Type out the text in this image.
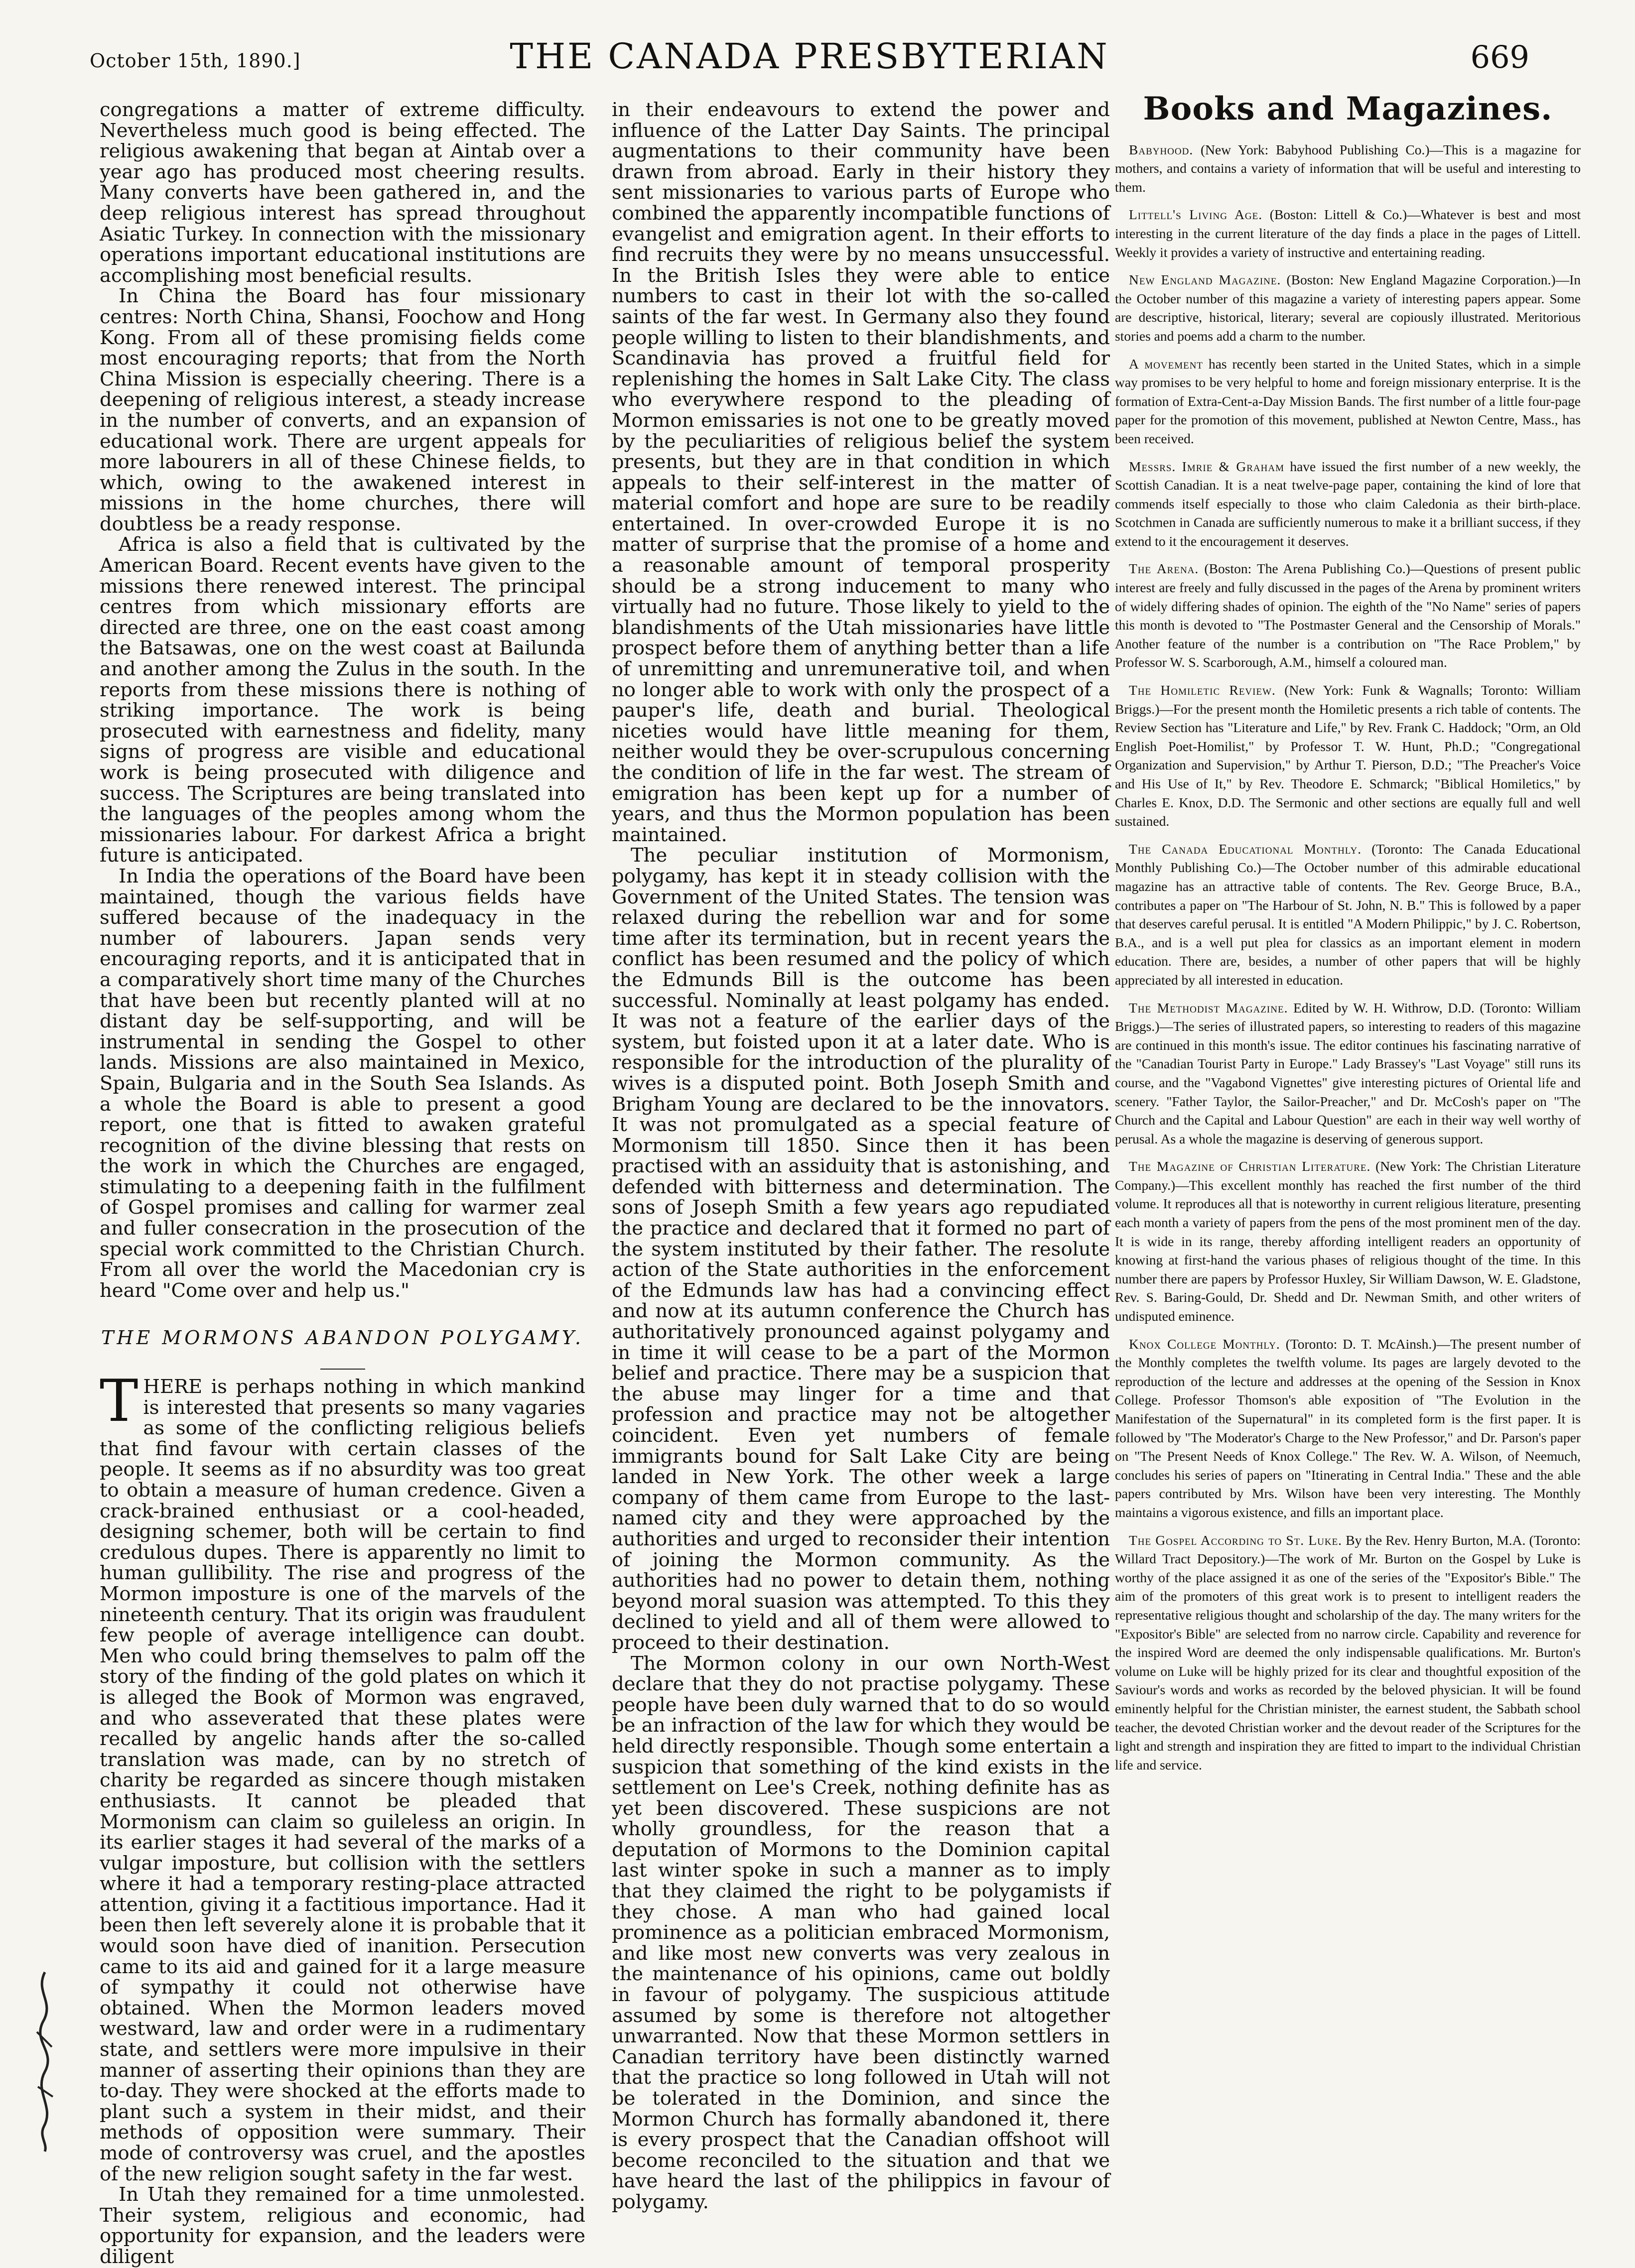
October 15th, 1890.]	THE CANADA PRESBYTERIAN	669

congregations a matter of extreme difficulty. Nevertheless much good is being effected. The religious awakening that began at Aintab over a year ago has produced most cheering results. Many converts have been gathered in, and the deep religious interest has spread throughout Asiatic Turkey. In connection with the missionary operations important educational institutions are accomplishing most beneficial results.

In China the Board has four missionary centres: North China, Shansi, Foochow and Hong Kong. From all of these promising fields come most encouraging reports; that from the North China Mission is especially cheering. There is a deepening of religious interest, a steady increase in the number of converts, and an expansion of educational work. There are urgent appeals for more labourers in all of these Chinese fields, to which, owing to the awakened interest in missions in the home churches, there will doubtless be a ready response.

Africa is also a field that is cultivated by the American Board. Recent events have given to the missions there renewed interest. The principal centres from which missionary efforts are directed are three, one on the east coast among the Batsawas, one on the west coast at Bailunda and another among the Zulus in the south. In the reports from these missions there is nothing of striking importance. The work is being prosecuted with earnestness and fidelity, many signs of progress are visible and educational work is being prosecuted with diligence and success. The Scriptures are being translated into the languages of the peoples among whom the missionaries labour. For darkest Africa a bright future is anticipated.

In India the operations of the Board have been maintained, though the various fields have suffered because of the inadequacy in the number of labourers. Japan sends very encouraging reports, and it is anticipated that in a comparatively short time many of the Churches that have been but recently planted will at no distant day be self-supporting, and will be instrumental in sending the Gospel to other lands. Missions are also maintained in Mexico, Spain, Bulgaria and in the South Sea Islands. As a whole the Board is able to present a good report, one that is fitted to awaken grateful recognition of the divine blessing that rests on the work in which the Churches are engaged, stimulating to a deepening faith in the fulfilment of Gospel promises and calling for warmer zeal and fuller consecration in the prosecution of the special work committed to the Christian Church. From all over the world the Macedonian cry is heard "Come over and help us."

THE MORMONS ABANDON POLYGAMY.

THERE is perhaps nothing in which mankind is interested that presents so many vagaries as some of the conflicting religious beliefs that find favour with certain classes of the people. It seems as if no absurdity was too great to obtain a measure of human credence. Given a crack-brained enthusiast or a cool-headed, designing schemer, both will be certain to find credulous dupes. There is apparently no limit to human gullibility. The rise and progress of the Mormon imposture is one of the marvels of the nineteenth century. That its origin was fraudulent few people of average intelligence can doubt. Men who could bring themselves to palm off the story of the finding of the gold plates on which it is alleged the Book of Mormon was engraved, and who asseverated that these plates were recalled by angelic hands after the so-called translation was made, can by no stretch of charity be regarded as sincere though mistaken enthusiasts. It cannot be pleaded that Mormonism can claim so guileless an origin. In its earlier stages it had several of the marks of a vulgar imposture, but collision with the settlers where it had a temporary resting-place attracted attention, giving it a factitious importance. Had it been then left severely alone it is probable that it would soon have died of inanition. Persecution came to its aid and gained for it a large measure of sympathy it could not otherwise have obtained. When the Mormon leaders moved westward, law and order were in a rudimentary state, and settlers were more impulsive in their manner of asserting their opinions than they are to-day. They were shocked at the efforts made to plant such a system in their midst, and their methods of opposition were summary. Their mode of controversy was cruel, and the apostles of the new religion sought safety in the far west.

In Utah they remained for a time unmolested. Their system, religious and economic, had opportunity for expansion, and the leaders were diligent

in their endeavours to extend the power and influence of the Latter Day Saints. The principal augmentations to their community have been drawn from abroad. Early in their history they sent missionaries to various parts of Europe who combined the apparently incompatible functions of evangelist and emigration agent. In their efforts to find recruits they were by no means unsuccessful. In the British Isles they were able to entice numbers to cast in their lot with the so-called saints of the far west. In Germany also they found people willing to listen to their blandishments, and Scandinavia has proved a fruitful field for replenishing the homes in Salt Lake City. The class who everywhere respond to the pleading of Mormon emissaries is not one to be greatly moved by the peculiarities of religious belief the system presents, but they are in that condition in which appeals to their self-interest in the matter of material comfort and hope are sure to be readily entertained. In over-crowded Europe it is no matter of surprise that the promise of a home and a reasonable amount of temporal prosperity should be a strong inducement to many who virtually had no future. Those likely to yield to the blandishments of the Utah missionaries have little prospect before them of anything better than a life of unremitting and unremunerative toil, and when no longer able to work with only the prospect of a pauper's life, death and burial. Theological niceties would have little meaning for them, neither would they be over-scrupulous concerning the condition of life in the far west. The stream of emigration has been kept up for a number of years, and thus the Mormon population has been maintained.

The peculiar institution of Mormonism, polygamy, has kept it in steady collision with the Government of the United States. The tension was relaxed during the rebellion war and for some time after its termination, but in recent years the conflict has been resumed and the policy of which the Edmunds Bill is the outcome has been successful. Nominally at least polgamy has ended. It was not a feature of the earlier days of the system, but foisted upon it at a later date. Who is responsible for the introduction of the plurality of wives is a disputed point. Both Joseph Smith and Brigham Young are declared to be the innovators. It was not promulgated as a special feature of Mormonism till 1850. Since then it has been practised with an assiduity that is astonishing, and defended with bitterness and determination. The sons of Joseph Smith a few years ago repudiated the practice and declared that it formed no part of the system instituted by their father. The resolute action of the State authorities in the enforcement of the Edmunds law has had a convincing effect and now at its autumn conference the Church has authoritatively pronounced against polygamy and in time it will cease to be a part of the Mormon belief and practice. There may be a suspicion that the abuse may linger for a time and that profession and practice may not be altogether coincident. Even yet numbers of female immigrants bound for Salt Lake City are being landed in New York. The other week a large company of them came from Europe to the last-named city and they were approached by the authorities and urged to reconsider their intention of joining the Mormon community. As the authorities had no power to detain them, nothing beyond moral suasion was attempted. To this they declined to yield and all of them were allowed to proceed to their destination.

The Mormon colony in our own North-West declare that they do not practise polygamy. These people have been duly warned that to do so would be an infraction of the law for which they would be held directly responsible. Though some entertain a suspicion that something of the kind exists in the settlement on Lee's Creek, nothing definite has as yet been discovered. These suspicions are not wholly groundless, for the reason that a deputation of Mormons to the Dominion capital last winter spoke in such a manner as to imply that they claimed the right to be polygamists if they chose. A man who had gained local prominence as a politician embraced Mormonism, and like most new converts was very zealous in the maintenance of his opinions, came out boldly in favour of polygamy. The suspicious attitude assumed by some is therefore not altogether unwarranted. Now that these Mormon settlers in Canadian territory have been distinctly warned that the practice so long followed in Utah will not be tolerated in the Dominion, and since the Mormon Church has formally abandoned it, there is every prospect that the Canadian offshoot will become reconciled to the situation and that we have heard the last of the philippics in favour of polygamy.

Books and Magazines.

Babyhood. (New York: Babyhood Publishing Co.)—This is a magazine for mothers, and contains a variety of information that will be useful and interesting to them.

Littell's Living Age. (Boston: Littell & Co.)—Whatever is best and most interesting in the current literature of the day finds a place in the pages of Littell. Weekly it provides a variety of instructive and entertaining reading.

New England Magazine. (Boston: New England Magazine Corporation.)—In the October number of this magazine a variety of interesting papers appear. Some are descriptive, historical, literary; several are copiously illustrated. Meritorious stories and poems add a charm to the number.

A movement has recently been started in the United States, which in a simple way promises to be very helpful to home and foreign missionary enterprise. It is the formation of Extra-Cent-a-Day Mission Bands. The first number of a little four-page paper for the promotion of this movement, published at Newton Centre, Mass., has been received.

Messrs. Imrie & Graham have issued the first number of a new weekly, the Scottish Canadian. It is a neat twelve-page paper, containing the kind of lore that commends itself especially to those who claim Caledonia as their birth-place. Scotchmen in Canada are sufficiently numerous to make it a brilliant success, if they extend to it the encouragement it deserves.

The Arena. (Boston: The Arena Publishing Co.)—Questions of present public interest are freely and fully discussed in the pages of the Arena by prominent writers of widely differing shades of opinion. The eighth of the "No Name" series of papers this month is devoted to "The Postmaster General and the Censorship of Morals." Another feature of the number is a contribution on "The Race Problem," by Professor W. S. Scarborough, A.M., himself a coloured man.

The Homiletic Review. (New York: Funk & Wagnalls; Toronto: William Briggs.)—For the present month the Homiletic presents a rich table of contents. The Review Section has "Literature and Life," by Rev. Frank C. Haddock; "Orm, an Old English Poet-Homilist," by Professor T. W. Hunt, Ph.D.; "Congregational Organization and Supervision," by Arthur T. Pierson, D.D.; "The Preacher's Voice and His Use of It," by Rev. Theodore E. Schmarck; "Biblical Homiletics," by Charles E. Knox, D.D. The Sermonic and other sections are equally full and well sustained.

The Canada Educational Monthly. (Toronto: The Canada Educational Monthly Publishing Co.)—The October number of this admirable educational magazine has an attractive table of contents. The Rev. George Bruce, B.A., contributes a paper on "The Harbour of St. John, N. B." This is followed by a paper that deserves careful perusal. It is entitled "A Modern Philippic," by J. C. Robertson, B.A., and is a well put plea for classics as an important element in modern education. There are, besides, a number of other papers that will be highly appreciated by all interested in education.

The Methodist Magazine. Edited by W. H. Withrow, D.D. (Toronto: William Briggs.)—The series of illustrated papers, so interesting to readers of this magazine are continued in this month's issue. The editor continues his fascinating narrative of the "Canadian Tourist Party in Europe." Lady Brassey's "Last Voyage" still runs its course, and the "Vagabond Vignettes" give interesting pictures of Oriental life and scenery. "Father Taylor, the Sailor-Preacher," and Dr. McCosh's paper on "The Church and the Capital and Labour Question" are each in their way well worthy of perusal. As a whole the magazine is deserving of generous support.

The Magazine of Christian Literature. (New York: The Christian Literature Company.)—This excellent monthly has reached the first number of the third volume. It reproduces all that is noteworthy in current religious literature, presenting each month a variety of papers from the pens of the most prominent men of the day. It is wide in its range, thereby affording intelligent readers an opportunity of knowing at first-hand the various phases of religious thought of the time. In this number there are papers by Professor Huxley, Sir William Dawson, W. E. Gladstone, Rev. S. Baring-Gould, Dr. Shedd and Dr. Newman Smith, and other writers of undisputed eminence.

Knox College Monthly. (Toronto: D. T. McAinsh.)—The present number of the Monthly completes the twelfth volume. Its pages are largely devoted to the reproduction of the lecture and addresses at the opening of the Session in Knox College. Professor Thomson's able exposition of "The Evolution in the Manifestation of the Supernatural" in its completed form is the first paper. It is followed by "The Moderator's Charge to the New Professor," and Dr. Parson's paper on "The Present Needs of Knox College." The Rev. W. A. Wilson, of Neemuch, concludes his series of papers on "Itinerating in Central India." These and the able papers contributed by Mrs. Wilson have been very interesting. The Monthly maintains a vigorous existence, and fills an important place.

The Gospel According to St. Luke. By the Rev. Henry Burton, M.A. (Toronto: Willard Tract Depository.)—The work of Mr. Burton on the Gospel by Luke is worthy of the place assigned it as one of the series of the "Expositor's Bible." The aim of the promoters of this great work is to present to intelligent readers the representative religious thought and scholarship of the day. The many writers for the "Expositor's Bible" are selected from no narrow circle. Capability and reverence for the inspired Word are deemed the only indispensable qualifications. Mr. Burton's volume on Luke will be highly prized for its clear and thoughtful exposition of the Saviour's words and works as recorded by the beloved physician. It will be found eminently helpful for the Christian minister, the earnest student, the Sabbath school teacher, the devoted Christian worker and the devout reader of the Scriptures for the light and strength and inspiration they are fitted to impart to the individual Christian life and service.
